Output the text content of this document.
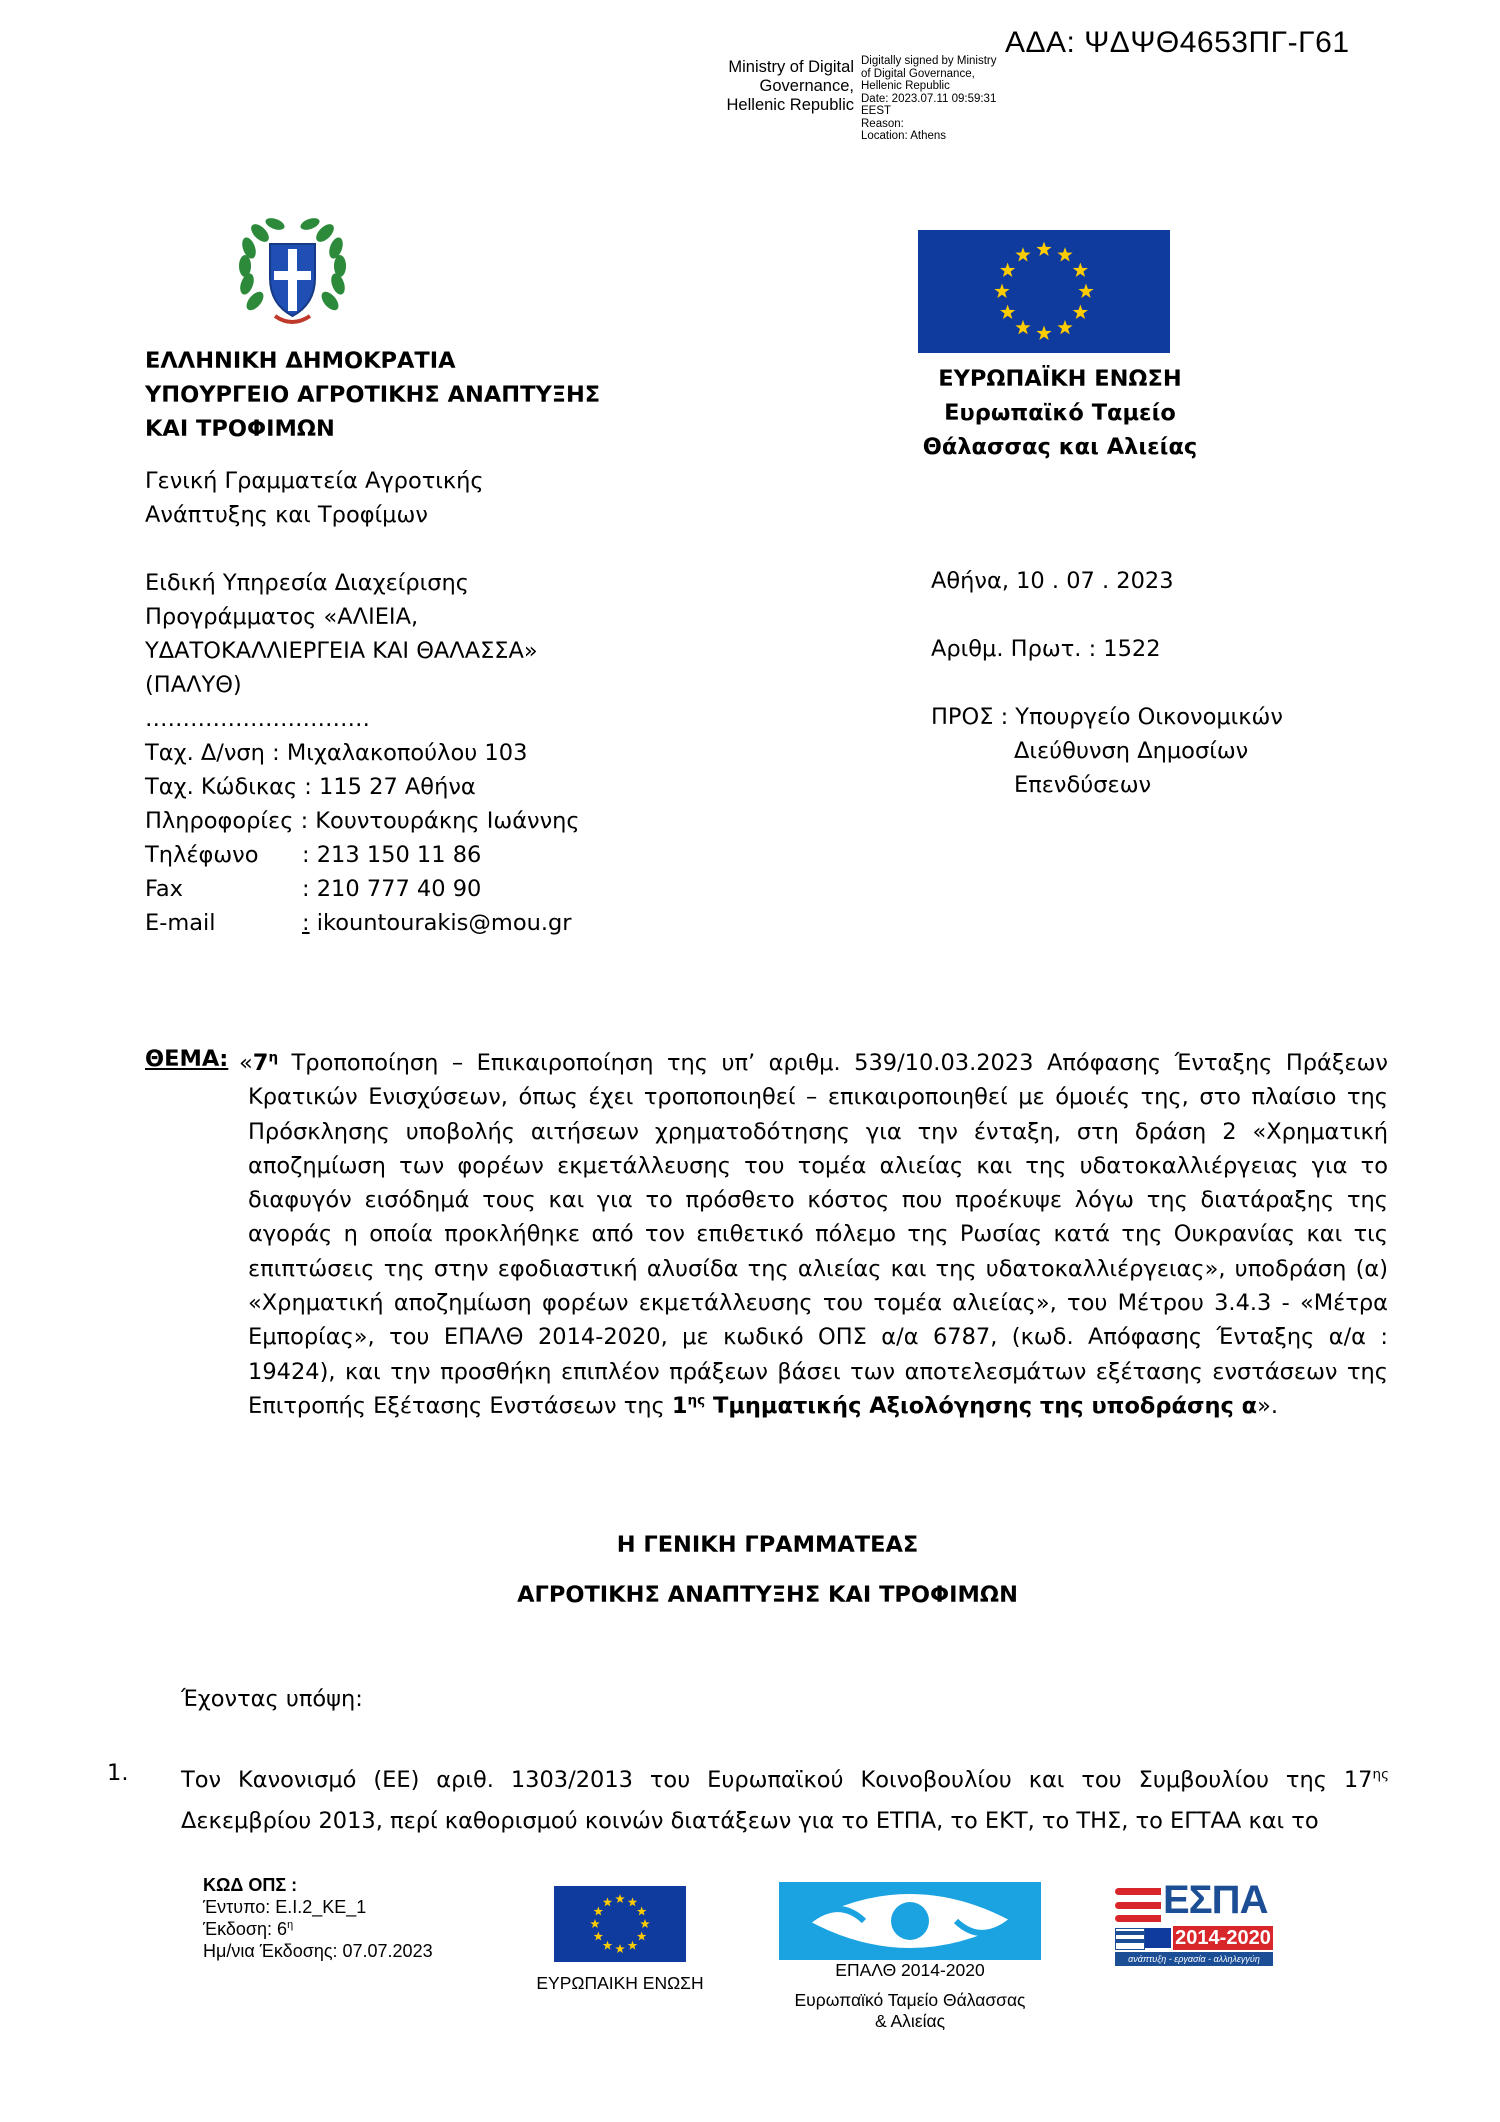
ΑΔΑ: ΨΔΨΘ4653ΠΓ-Γ61
Ministry of Digital
Governance,
Hellenic Republic
Digitally signed by Ministry
of Digital Governance,
Hellenic Republic
Date: 2023.07.11 09:59:31
EEST
Reason:
Location: Athens
ΕΛΛΗΝΙΚΗ ΔΗΜΟΚΡΑΤΙΑ
ΥΠΟΥΡΓΕΙΟ ΑΓΡΟΤΙΚΗΣ ΑΝΑΠΤΥΞΗΣ
ΚΑΙ ΤΡΟΦΙΜΩΝ
Γενική Γραμματεία Αγροτικής
Ανάπτυξης και Τροφίμων
Ειδική Υπηρεσία Διαχείρισης
Προγράμματος «ΑΛΙΕΙΑ,
ΥΔΑΤΟΚΑΛΛΙΕΡΓΕΙΑ ΚΑΙ ΘΑΛΑΣΣΑ»
(ΠΑΛΥΘ)
…………………………
Ταχ. Δ/νση : Μιχαλακοπούλου 103
Ταχ. Κώδικας : 115 27 Αθήνα
Πληροφορίες : Κουντουράκης Ιωάννης
Τηλέφωνο	: 213 150 11 86
Fax	: 210 777 40 90
E-mail	: ikountourakis@mou.gr
ΕΥΡΩΠΑΪΚΗ ΕΝΩΣΗ
Ευρωπαϊκό Ταμείο
Θάλασσας και Αλιείας
Αθήνα, 10 . 07 . 2023
Αριθμ. Πρωτ. : 1522
ΠΡΟΣ : Υπουργείο Οικονομικών
Διεύθυνση Δημοσίων
Επενδύσεων
ΘΕΜΑ: «$7^\eta$ Τροποποίηση – Επικαιροποίηση της υπ’ αριθμ. 539/10.03.2023 Απόφασης Ένταξης Πράξεων Κρατικών Ενισχύσεων, όπως έχει τροποποιηθεί – επικαιροποιηθεί με όμοιές της, στο πλαίσιο της Πρόσκλησης υποβολής αιτήσεων χρηματοδότησης για την ένταξη, στη δράση 2 «Χρηματική αποζημίωση των φορέων εκμετάλλευσης του τομέα αλιείας και της υδατοκαλλιέργειας για το διαφυγόν εισόδημά τους και για το πρόσθετο κόστος που προέκυψε λόγω της διατάραξης της αγοράς η οποία προκλήθηκε από τον επιθετικό πόλεμο της Ρωσίας κατά της Ουκρανίας και τις επιπτώσεις της στην εφοδιαστική αλυσίδα της αλιείας και της υδατοκαλλιέργειας», υποδράση (α) «Χρηματική αποζημίωση φορέων εκμετάλλευσης του τομέα αλιείας», του Μέτρου 3.4.3 - «Μέτρα Εμπορίας», του ΕΠΑΛΘ 2014-2020, με κωδικό ΟΠΣ α/α 6787, (κωδ. Απόφασης Ένταξης α/α : 19424), και την προσθήκη επιπλέον πράξεων βάσει των αποτελεσμάτων εξέτασης ενστάσεων της Επιτροπής Εξέτασης Ενστάσεων της $1^{\eta\varsigma}$ Τμηματικής Αξιολόγησης της υποδράσης α».
Η ΓΕΝΙΚΗ ΓΡΑΜΜΑΤΕΑΣ
ΑΓΡΟΤΙΚΗΣ ΑΝΑΠΤΥΞΗΣ ΚΑΙ ΤΡΟΦΙΜΩΝ
Έχοντας υπόψη:
1. Τον Κανονισμό (ΕΕ) αριθ. 1303/2013 του Ευρωπαϊκού Κοινοβουλίου και του Συμβουλίου της $17^{\eta\varsigma}$ Δεκεμβρίου 2013, περί καθορισμού κοινών διατάξεων για το ΕΤΠΑ, το ΕΚΤ, το ΤΗΣ, το ΕΓΤΑΑ και το
ΚΩΔ ΟΠΣ :
Έντυπο: Ε.Ι.2_ΚΕ_1
Έκδοση: $6^\eta$
Ημ/νια Έκδοσης: 07.07.2023
ΕΥΡΩΠΑΙΚΗ ΕΝΩΣΗ
ΕΠΑΛΘ 2014-2020
Ευρωπαϊκό Ταμείο Θάλασσας
& Αλιείας
ΕΣΠΑ
2014-2020
ανάπτυξη - εργασία - αλληλεγγύη
